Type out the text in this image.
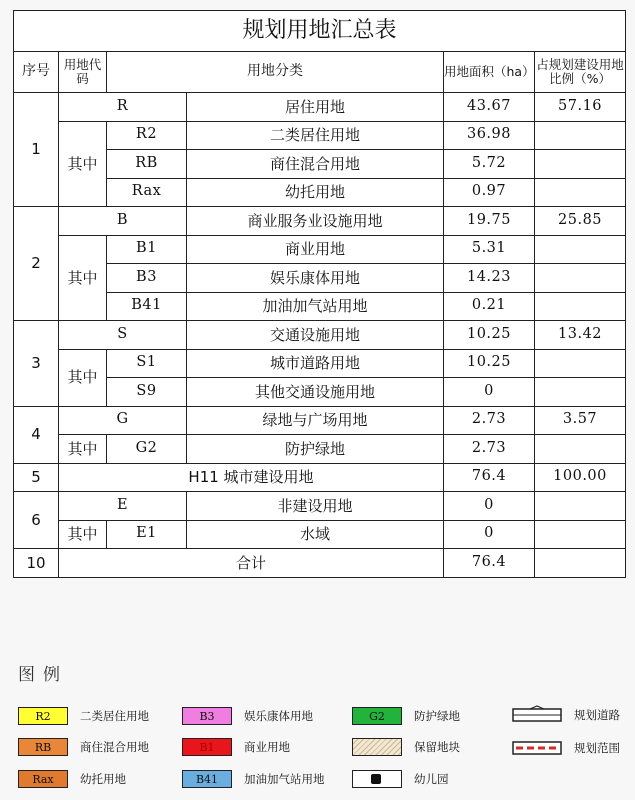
规划用地汇总表					
序号	用地代码	用地分类		用地面积（ha）	占规划建设用地比例（%）
1	R		居住用地	43.67	57.16
	其中	R2	二类居住用地	36.98	
		RB	商住混合用地	5.72	
		Rax	幼托用地	0.97	
2	B		商业服务业设施用地	19.75	25.85
	其中	B1	商业用地	5.31	
		B3	娱乐康体用地	14.23	
		B41	加油加气站用地	0.21	
3	S		交通设施用地	10.25	13.42
	其中	S1	城市道路用地	10.25	
		S9	其他交通设施用地	0	
4	G		绿地与广场用地	2.73	3.57
	其中	G2	防护绿地	2.73	
5	H11 城市建设用地			76.4	100.00
6	E		非建设用地	0	
	其中	E1	水域	0	
10	合计			76.4	
图例
R2	二类居住用地
RB	商住混合用地
Rax	幼托用地
B3	娱乐康体用地
B1	商业用地
B41	加油加气站用地
G2	防护绿地
保留地块
幼儿园
规划道路
规划范围
